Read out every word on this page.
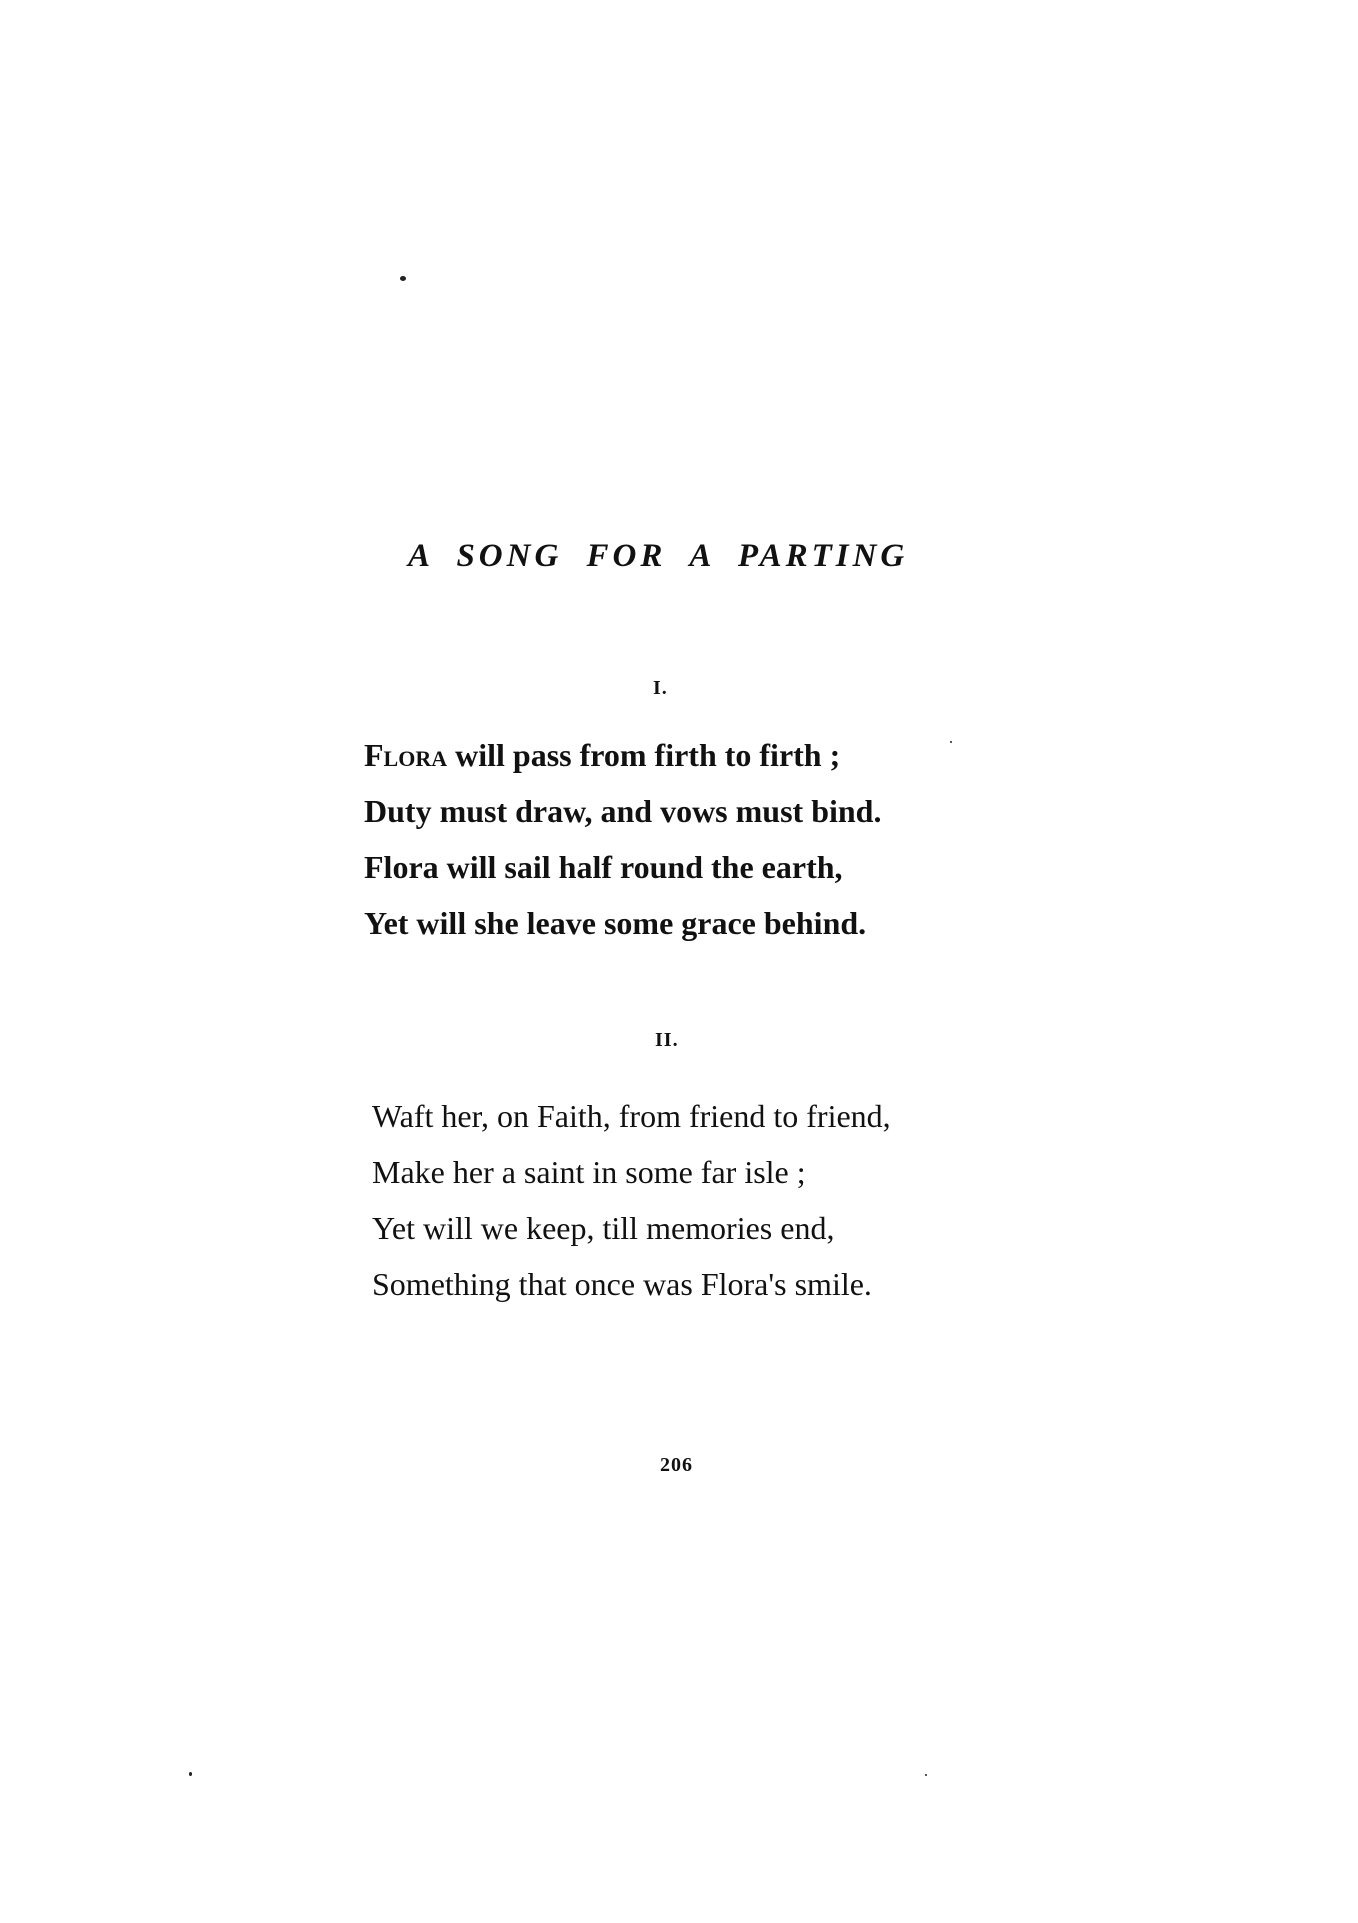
A SONG FOR A PARTING
I.
Flora will pass from firth to firth ;
Duty must draw, and vows must bind.
Flora will sail half round the earth,
Yet will she leave some grace behind.
II.
Waft her, on Faith, from friend to friend,
Make her a saint in some far isle ;
Yet will we keep, till memories end,
Something that once was Flora's smile.
206
